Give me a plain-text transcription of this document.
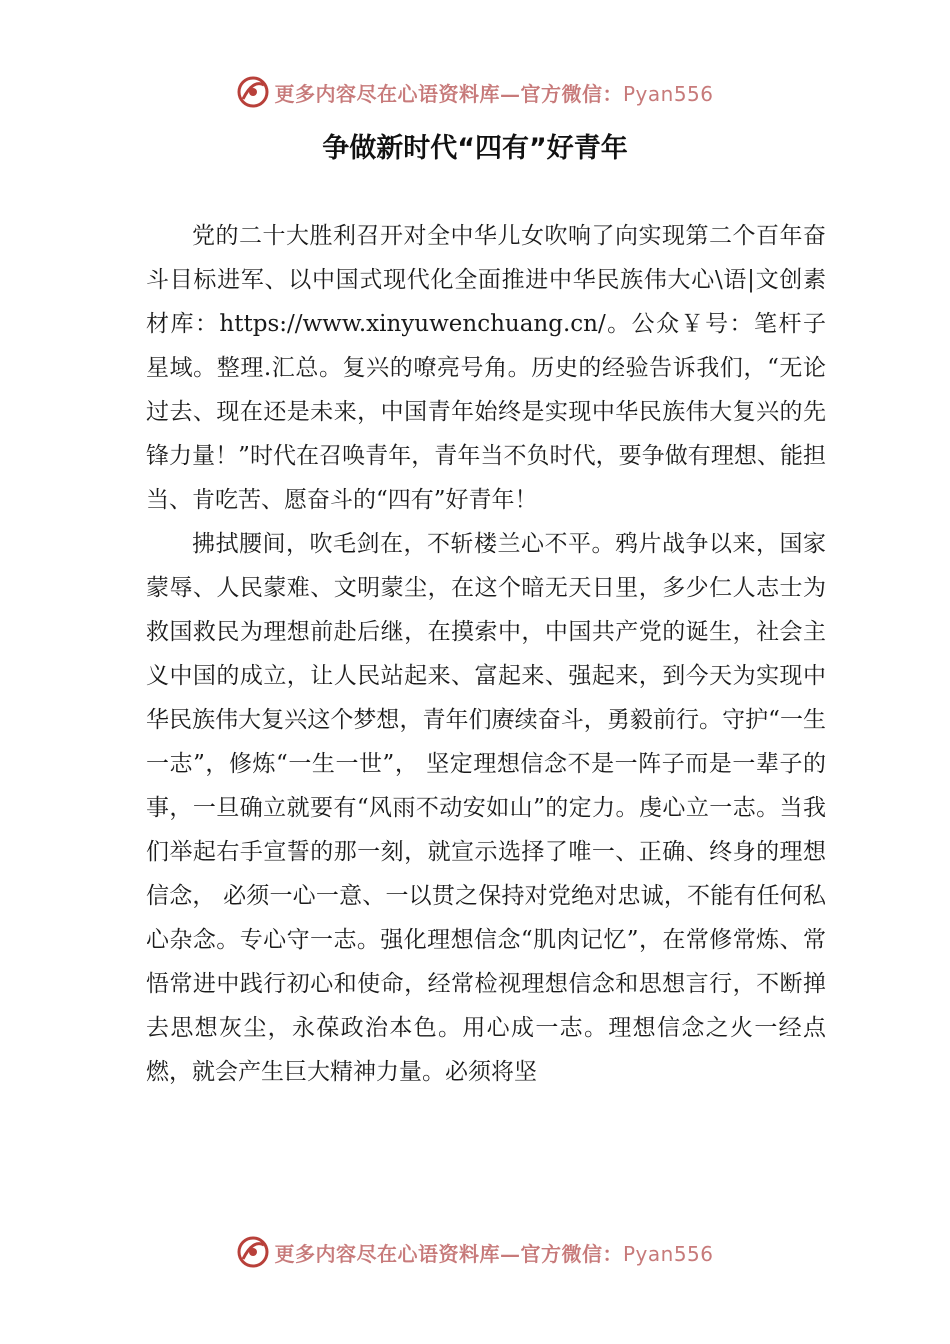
更多内容尽在心语资料库—官方微信：Pyan556
争做新时代“四有”好青年

党的二十大胜利召开对全中华儿女吹响了向实现第二个百年奋斗目标进军、以中国式现代化全面推进中华民族伟大心\语|文创素材库：https://www.xinyuwenchuang.cn/。公众￥号：笔杆子星域。整理.汇总。复兴的嘹亮号角。历史的经验告诉我们，“无论过去、现在还是未来，中国青年始终是实现中华民族伟大复兴的先锋力量！”时代在召唤青年，青年当不负时代，要争做有理想、能担当、肯吃苦、愿奋斗的“四有”好青年！

拂拭腰间，吹毛剑在，不斩楼兰心不平。鸦片战争以来，国家蒙辱、人民蒙难、文明蒙尘，在这个暗无天日里，多少仁人志士为救国救民为理想前赴后继，在摸索中，中国共产党的诞生，社会主义中国的成立，让人民站起来、富起来、强起来，到今天为实现中华民族伟大复兴这个梦想，青年们赓续奋斗，勇毅前行。守护“一生一志”，修炼“一生一世”， 坚定理想信念不是一阵子而是一辈子的事，一旦确立就要有“风雨不动安如山”的定力。虔心立一志。当我们举起右手宣誓的那一刻，就宣示选择了唯一、正确、终身的理想信念， 必须一心一意、一以贯之保持对党绝对忠诚，不能有任何私心杂念。专心守一志。强化理想信念“肌肉记忆”，在常修常炼、常悟常进中践行初心和使命，经常检视理想信念和思想言行，不断掸去思想灰尘，永葆政治本色。用心成一志。理想信念之火一经点燃，就会产生巨大精神力量。必须将坚

更多内容尽在心语资料库—官方微信：Pyan556
